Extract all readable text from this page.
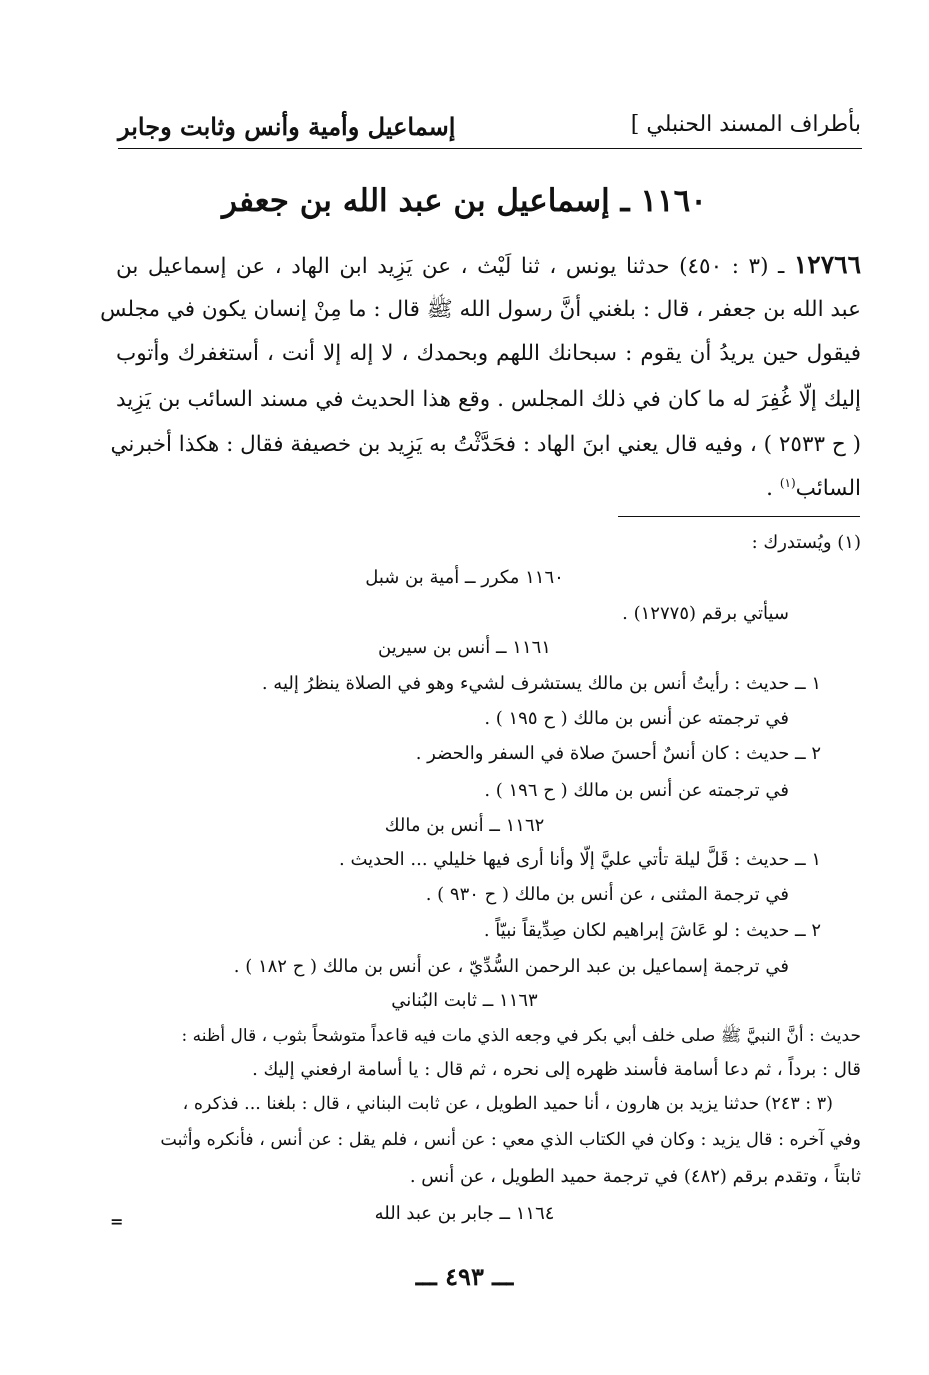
بأطراف المسند الحنبلي ]
إسماعيل وأمية وأنس وثابت وجابر
١١٦٠ ـ إسماعيل بن عبد الله بن جعفر
١٢٧٦٦ ـ (٣ : ٤٥٠) حدثنا يونس ، ثنا لَيْث ، عن يَزِيد ابن الهاد ، عن إسماعيل بن
عبد الله بن جعفر ، قال : بلغني أنَّ رسول الله ﷺ قال : ما مِنْ إنسان يكون في مجلس
فيقول حين يريدُ أن يقوم : سبحانك اللهم وبحمدك ، لا إله إلا أنت ، أستغفرك وأتوب
إليك إلّا غُفِرَ له ما كان في ذلك المجلس . وقع هذا الحديث في مسند السائب بن يَزِيد
( ح ٢٥٣٣ ) ، وفيه قال يعني ابنَ الهاد : فحَدَّثْتُ به يَزِيد بن خصيفة فقال : هكذا أخبرني
السائب$^{(١)}$ .
(١) ويُستدرك :
١١٦٠ مكرر ــ أمية بن شبل
سيأتي برقم (١٢٧٧٥) .
١١٦١ ــ أنس بن سيرين
١ ــ حديث : رأيتُ أنس بن مالك يستشرف لشيء وهو في الصلاة ينظرُ إليه .
في ترجمته عن أنس بن مالك ( ح ١٩٥ ) .
٢ ــ حديث : كان أنسٌ أحسنَ صلاة في السفر والحضر .
في ترجمته عن أنس بن مالك ( ح ١٩٦ ) .
١١٦٢ ــ أنس بن مالك
١ ــ حديث : قَلَّ ليلة تأتي عليَّ إلّا وأنا أرى فيها خليلي ... الحديث .
في ترجمة المثنى ، عن أنس بن مالك ( ح ٩٣٠ ) .
٢ ــ حديث : لو عَاشَ إبراهيم لكان صِدِّيقاً نبيّاً .
في ترجمة إسماعيل بن عبد الرحمن السُّدِّيّ ، عن أنس بن مالك ( ح ١٨٢ ) .
١١٦٣ ــ ثابت البُناني
حديث : أنَّ النبيَّ ﷺ صلى خلف أبي بكر في وجعه الذي مات فيه قاعداً متوشحاً بثوب ، قال أظنه :
قال : برداً ، ثم دعا أسامة فأسند ظهره إلى نحره ، ثم قال : يا أسامة ارفعني إليك .
(٣ : ٢٤٣) حدثنا يزيد بن هارون ، أنا حميد الطويل ، عن ثابت البناني ، قال : بلغنا ... فذكره ،
وفي آخره : قال يزيد : وكان في الكتاب الذي معي : عن أنس ، فلم يقل : عن أنس ، فأنكره وأثبت
ثابتاً ، وتقدم برقم (٤٨٢) في ترجمة حميد الطويل ، عن أنس .
١١٦٤ ــ جابر بن عبد الله
=
ـــ ٤٩٣ ـــ
